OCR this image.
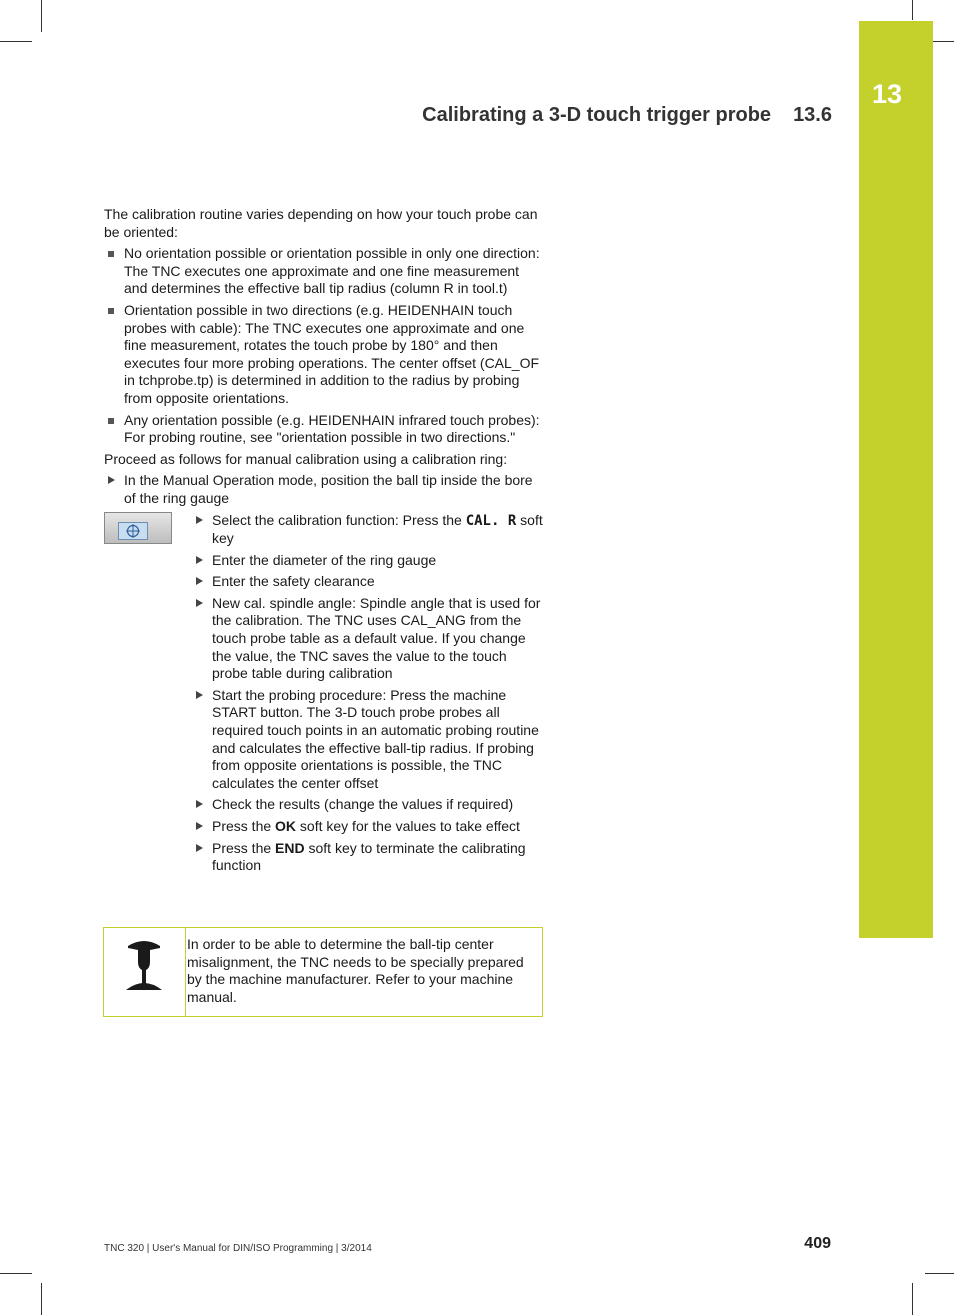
13
Calibrating a 3-D touch trigger probe 13.6

The calibration routine varies depending on how your touch probe can be oriented:

No orientation possible or orientation possible in only one direction: The TNC executes one approximate and one fine measurement and determines the effective ball tip radius (column R in tool.t)
Orientation possible in two directions (e.g. HEIDENHAIN touch probes with cable): The TNC executes one approximate and one fine measurement, rotates the touch probe by 180° and then executes four more probing operations. The center offset (CAL_OF in tchprobe.tp) is determined in addition to the radius by probing from opposite orientations.
Any orientation possible (e.g. HEIDENHAIN infrared touch probes): For probing routine, see "orientation possible in two directions."

Proceed as follows for manual calibration using a calibration ring:

In the Manual Operation mode, position the ball tip inside the bore of the ring gauge
Select the calibration function: Press the CAL. R soft key
Enter the diameter of the ring gauge
Enter the safety clearance
New cal. spindle angle: Spindle angle that is used for the calibration. The TNC uses CAL_ANG from the touch probe table as a default value. If you change the value, the TNC saves the value to the touch probe table during calibration
Start the probing procedure: Press the machine START button. The 3-D touch probe probes all required touch points in an automatic probing routine and calculates the effective ball-tip radius. If probing from opposite orientations is possible, the TNC calculates the center offset
Check the results (change the values if required)
Press the OK soft key for the values to take effect
Press the END soft key to terminate the calibrating function
In order to be able to determine the ball-tip center misalignment, the TNC needs to be specially prepared by the machine manufacturer. Refer to your machine manual.
TNC 320 | User's Manual for DIN/ISO Programming | 3/2014	409
